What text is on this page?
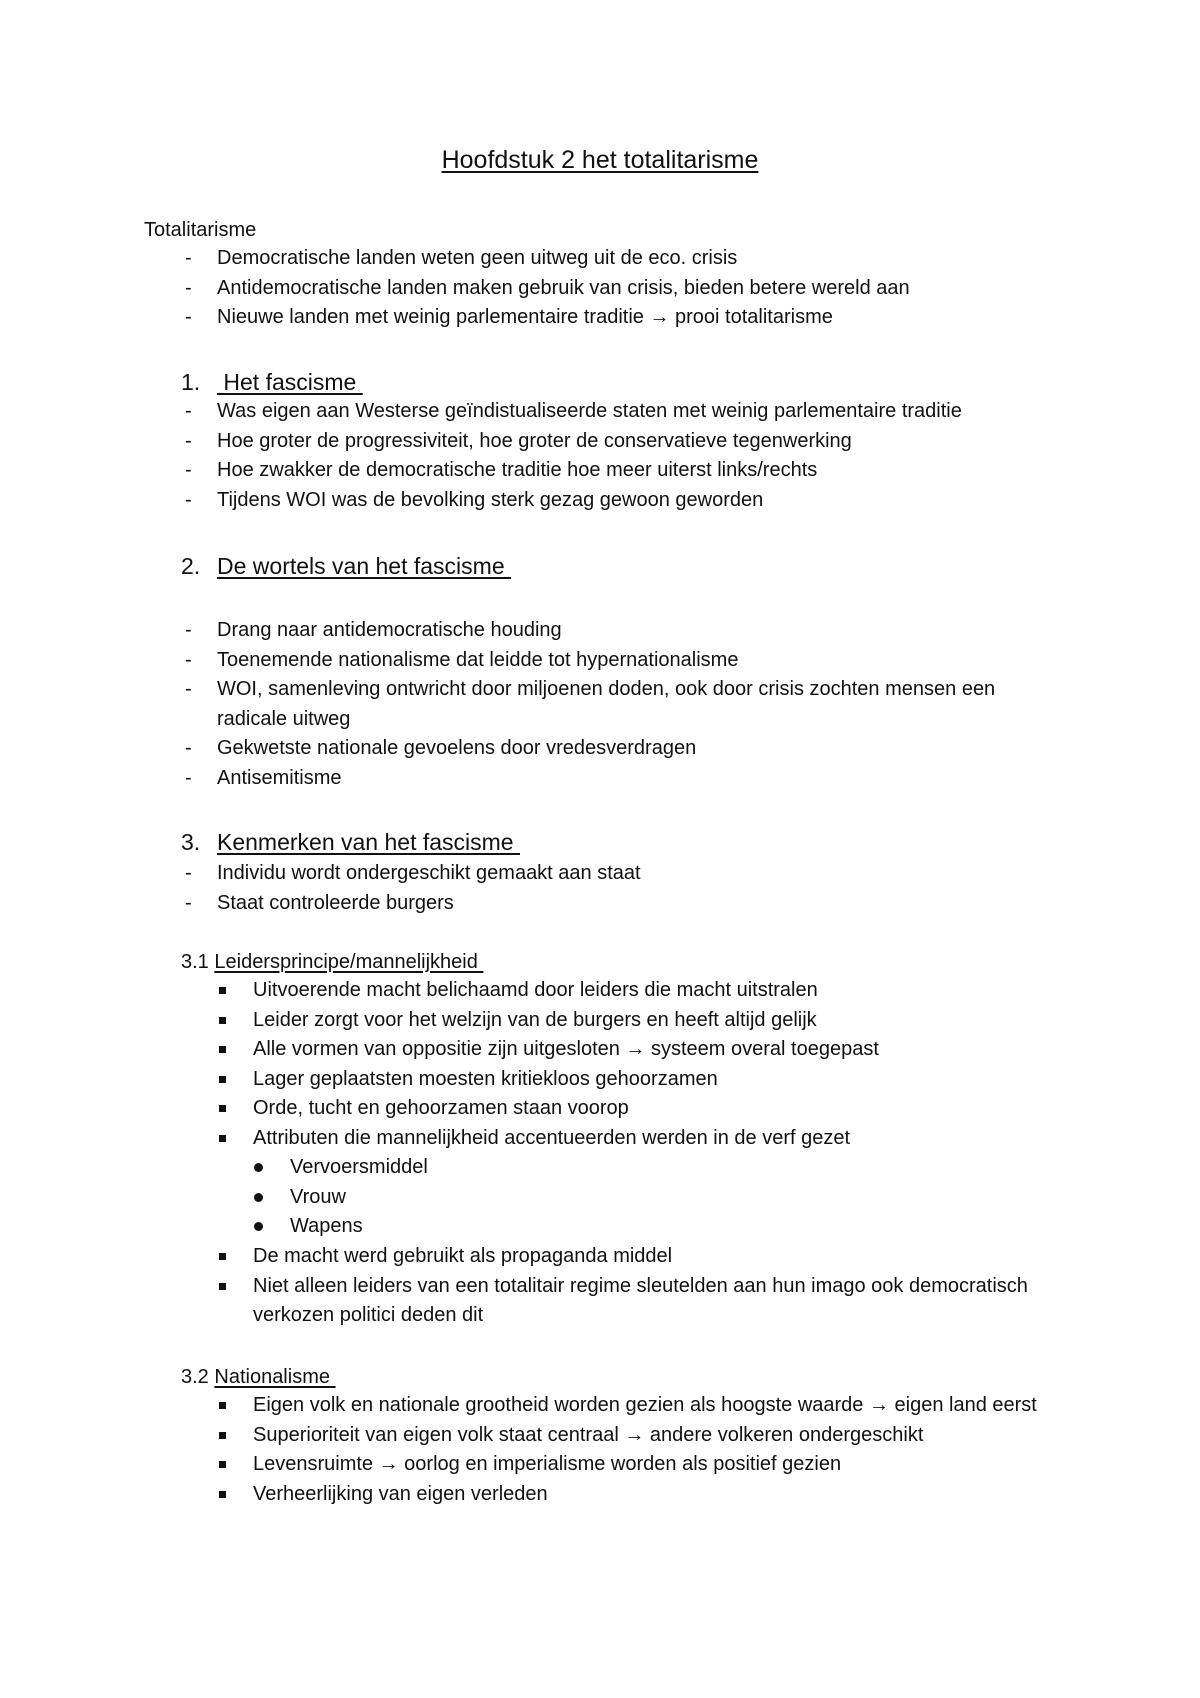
Hoofdstuk 2 het totalitarisme
Totalitarisme
- Democratische landen weten geen uitweg uit de eco. crisis
- Antidemocratische landen maken gebruik van crisis, bieden betere wereld aan
- Nieuwe landen met weinig parlementaire traditie → prooi totalitarisme
1. Het fascisme
- Was eigen aan Westerse geïndistualiseerde staten met weinig parlementaire traditie
- Hoe groter de progressiviteit, hoe groter de conservatieve tegenwerking
- Hoe zwakker de democratische traditie hoe meer uiterst links/rechts
- Tijdens WOI was de bevolking sterk gezag gewoon geworden
2. De wortels van het fascisme
- Drang naar antidemocratische houding
- Toenemende nationalisme dat leidde tot hypernationalisme
- WOI, samenleving ontwricht door miljoenen doden, ook door crisis zochten mensen een radicale uitweg
- Gekwetste nationale gevoelens door vredesverdragen
- Antisemitisme
3. Kenmerken van het fascisme
- Individu wordt ondergeschikt gemaakt aan staat
- Staat controleerde burgers
3.1 Leidersprincipe/mannelijkheid
Uitvoerende macht belichaamd door leiders die macht uitstralen
Leider zorgt voor het welzijn van de burgers en heeft altijd gelijk
Alle vormen van oppositie zijn uitgesloten → systeem overal toegepast
Lager geplaatsten moesten kritiekloos gehoorzamen
Orde, tucht en gehoorzamen staan voorop
Attributen die mannelijkheid accentueerden werden in de verf gezet
Vervoersmiddel
Vrouw
Wapens
De macht werd gebruikt als propaganda middel
Niet alleen leiders van een totalitair regime sleutelden aan hun imago ook democratisch verkozen politici deden dit
3.2 Nationalisme
Eigen volk en nationale grootheid worden gezien als hoogste waarde → eigen land eerst
Superioriteit van eigen volk staat centraal → andere volkeren ondergeschikt
Levensruimte → oorlog en imperialisme worden als positief gezien
Verheerlijking van eigen verleden
